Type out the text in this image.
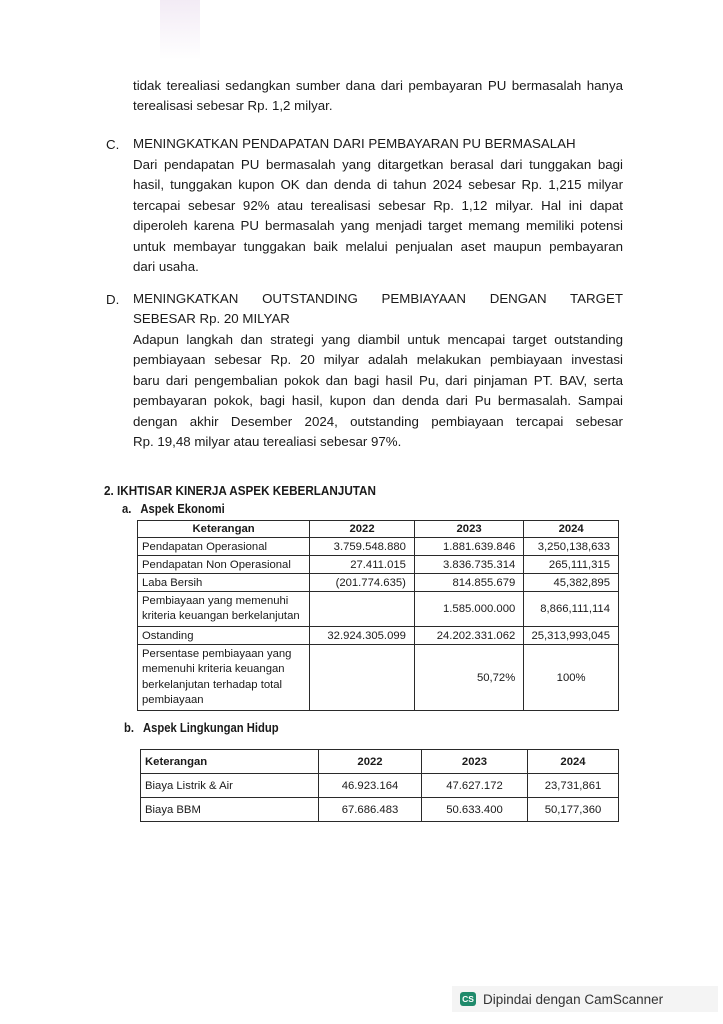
tidak terealiasi sedangkan sumber dana dari pembayaran PU bermasalah hanya
terealisasi sebesar Rp. 1,2 milyar.
C. MENINGKATKAN PENDAPATAN DARI PEMBAYARAN PU BERMASALAH
Dari pendapatan PU bermasalah yang ditargetkan berasal dari tunggakan bagi
hasil, tunggakan kupon OK dan denda di tahun 2024 sebesar Rp. 1,215 milyar
tercapai sebesar 92% atau terealisasi sebesar Rp. 1,12 milyar. Hal ini dapat
diperoleh karena PU bermasalah yang menjadi target memang memiliki potensi
untuk membayar tunggakan baik melalui penjualan aset maupun pembayaran
dari usaha.
D. MENINGKATKAN OUTSTANDING PEMBIAYAAN DENGAN TARGET
SEBESAR Rp. 20 MILYAR
Adapun langkah dan strategi yang diambil untuk mencapai target outstanding
pembiayaan sebesar Rp. 20 milyar adalah melakukan pembiayaan investasi
baru dari pengembalian pokok dan bagi hasil Pu, dari pinjaman PT. BAV, serta
pembayaran pokok, bagi hasil, kupon dan denda dari Pu bermasalah. Sampai
dengan akhir Desember 2024, outstanding pembiayaan tercapai sebesar
Rp. 19,48 milyar atau terealiasi sebesar 97%.
2. IKHTISAR KINERJA ASPEK KEBERLANJUTAN
a.   Aspek Ekonomi
Keterangan	2022	2023	2024
Pendapatan Operasional	3.759.548.880	1.881.639.846	3,250,138,633
Pendapatan Non Operasional	27.411.015	3.836.735.314	265,111,315
Laba Bersih	(201.774.635)	814.855.679	45,382,895
Pembiayaan yang memenuhi kriteria keuangan berkelanjutan		1.585.000.000	8,866,111,114
Ostanding	32.924.305.099	24.202.331.062	25,313,993,045
Persentase pembiayaan yang memenuhi kriteria keuangan berkelanjutan terhadap total pembiayaan		50,72%	100%
b.   Aspek Lingkungan Hidup
Keterangan	2022	2023	2024
Biaya Listrik & Air	46.923.164	47.627.172	23,731,861
Biaya BBM	67.686.483	50.633.400	50,177,360
CS Dipindai dengan CamScanner
